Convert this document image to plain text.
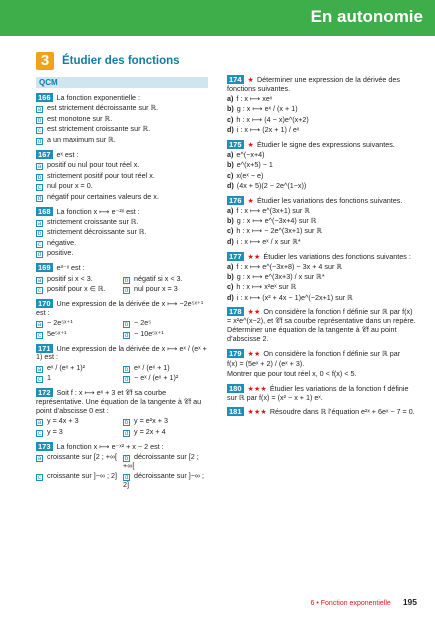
En autonomie
3 Étudier des fonctions
QCM
166 La fonction exponentielle :
a est strictement décroissante sur ℝ.
b est monotone sur ℝ.
c est strictement croissante sur ℝ.
d a un maximum sur ℝ.
167 eˣ est :
a positif ou nul pour tout réel x.
b strictement positif pour tout réel x.
c nul pour x = 0.
d négatif pour certaines valeurs de x.
168 La fonction x ⟼ e⁻²ˣ est :
a strictement croissante sur ℝ.
b strictement décroissante sur ℝ.
c négative.
d positive.
169 e³⁻ˣ est :
a positif si x < 3.	b négatif si x < 3.
c positif pour x ∈ ℝ.	d nul pour x = 3
170 Une expression de la dérivée de x ⟼ −2e⁵ˣ⁺¹ est :
a − 2e⁵ˣ⁺¹	b − 2e⁵
c 5e⁵ˣ⁺¹	d − 10e⁵ˣ⁺¹
171 Une expression de la dérivée de x ⟼ eˣ / (eˣ + 1) est :
a eˣ / (eˣ + 1)²	b eˣ / (eˣ + 1)
c 1	d − eˣ / (eˣ + 1)²
172 Soit f : x ⟼ eˣ + 3 et 𝒞f sa courbe représentative. Une équation de la tangente à 𝒞f au point d’abscisse 0 est :
a y = 4x + 3	b y = e²x + 3
c y = 3	d y = 2x + 4
173 La fonction x ⟼ e⁻ˣ² + x − 2 est :
a croissante sur [2 ; +∞[	b décroissante sur [2 ; +∞[
c croissante sur ]−∞ ; 2]	d décroissante sur ]−∞ ; 2]
174 ★ Déterminer une expression de la dérivée des fonctions suivantes.
a) f : x ⟼ xeˣ
b) g : x ⟼ eˣ / (x + 1)
c) h : x ⟼ (4 − x)e^(x+2)
d) i : x ⟼ (2x + 1) / eˣ
175 ★ Étudier le signe des expressions suivantes.
a) e^(−x+4)
b) e^(x+5) − 1
c) x(eˣ − e)
d) (4x + 5)(2 − 2e^(1−x))
176 ★ Étudier les variations des fonctions suivantes.
a) f : x ⟼ e^(3x+1) sur ℝ
b) g : x ⟼ e^(−3x+4) sur ℝ
c) h : x ⟼ − 2e^(3x+1) sur ℝ
d) i : x ⟼ eˣ / x sur ℝ*
177 ★★ Étudier les variations des fonctions suivantes :
a) f : x ⟼ e^(−3x+8) − 3x + 4 sur ℝ
b) g : x ⟼ e^(3x+3) / x sur ℝ*
c) h : x ⟼ x²eˣ sur ℝ
d) i : x ⟼ (x² + 4x − 1)e^(−2x+1) sur ℝ
178 ★★ On considère la fonction f définie sur ℝ par f(x) = x²e^(x−2), et 𝒞f sa courbe représentative dans un repère. Déterminer une équation de la tangente à 𝒞f au point d’abscisse 2.
179 ★★ On considère la fonction f définie sur ℝ par
f(x) = (5eˣ + 2) / (eˣ + 3).
Montrer que pour tout réel x, 0 < f(x) < 5.
180 ★★★ Étudier les variations de la fonction f définie sur ℝ par f(x) = (x² − x + 1) eˣ.
181 ★★★ Résoudre dans ℝ l’équation e²ˣ + 6eˣ − 7 = 0.
6 • Fonction exponentielle 195
